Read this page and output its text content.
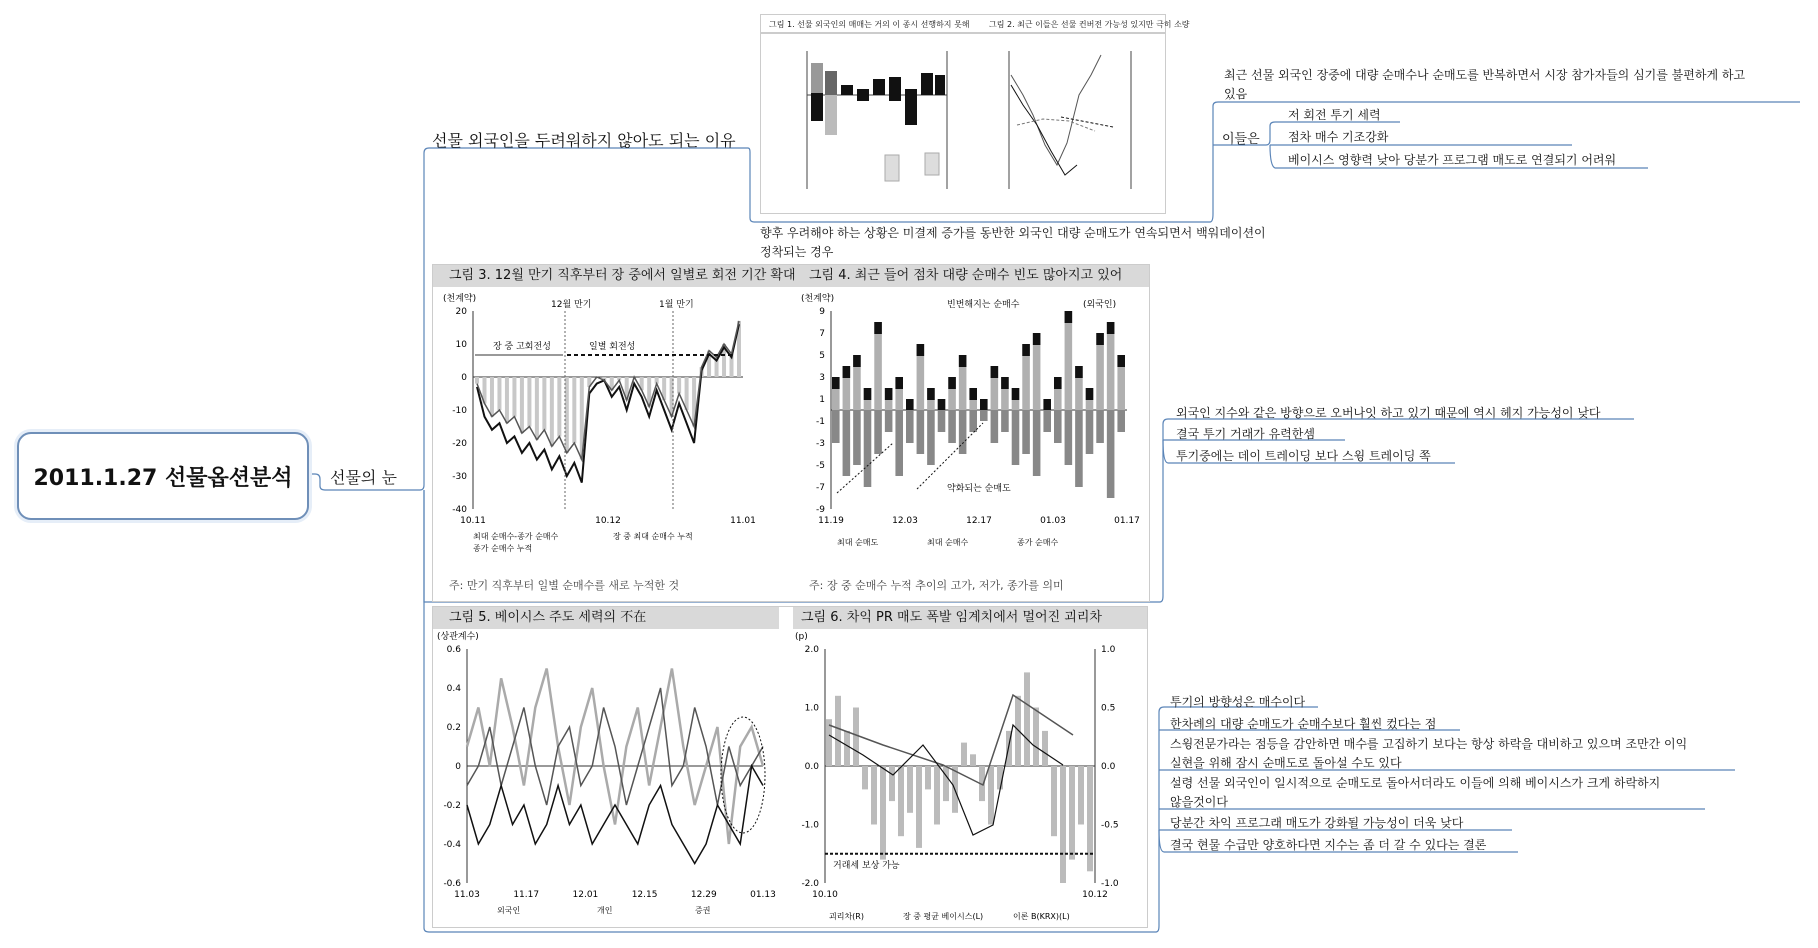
2011.1.27 선물옵션분석 선물의 눈
선물 외국인을 두려워하지 않아도 되는 이유
그림 1. 선물 외국인의 매매는 거의 이 종시 선행하지 못해 그림 2. 최근 이들은 선물 컨버전 가능성 있지만 극히 소량
최근 선물 외국인 장중에 대량 순매수나 순매도를 반복하면서 시장 참가자들의 심기를 불편하게 하고
있음
이들은
저 회전 투기 세력
점차 매수 기조강화
베이시스 영향력 낮아 당분가 프로그램 매도로 연결되기 어려워
향후 우려해야 하는 상황은 미결제 증가를 동반한 외국인 대량 순매도가 연속되면서 백워데이션이
정착되는 경우
그림 3. 12월 만기 직후부터 장 중에서 일별로 회전 기간 확대	그림 4. 최근 들어 점차 대량 순매수 빈도 많아지고 있어
(천계약)
20
10
0
-10
-20
-30
-40
10.11	10.12	11.01
12월 만기	1월 만기
장 중 고회전성	일별 회전성
최대 순매수-종가 순매수	장 중 최대 순매수 누적
종가 순매수 누적
(천계약)
9
7
5
3
1
-1
-3
-5
-7
-9
11.19	12.03	12.17	01.03	01.17
빈번해지는 순매수
약화되는 순매도
(외국인)
최대 순매도	최대 순매수	종가 순매수
주: 만기 직후부터 일별 순매수를 새로 누적한 것	주: 장 중 순매수 누적 추이의 고가, 저가, 종가를 의미
외국인 지수와 같은 방향으로 오버나잇 하고 있기 때문에 역시 헤지 가능성이 낮다
결국 투기 거래가 유력한셈
투기중에는 데이 트레이딩 보다 스윙 트레이딩 쪽
그림 5. 베이시스 주도 세력의 不在	그림 6. 차익 PR 매도 폭발 임계치에서 멀어진 괴리차
(상관계수)
0.6
0.4
0.2
0
-0.2
-0.4
-0.6
11.03	11.17	12.01	12.15	12.29	01.13
외국인	개인	증권
(p)
2.0
1.0
0.0
-1.0
-2.0
10.10	10.12
1.0
0.5
0.0
-0.5
-1.0
거래세 보상 가능
괴리차(R)	장 중 평균 베이시스(L)	이론 B(KRX)(L)
투기의 방향성은 매수이다
한차례의 대량 순매도가 순매수보다 훨씬 컸다는 점
스윙전문가라는 점등을 감안하면 매수를 고집하기 보다는 항상 하락을 대비하고 있으며 조만간 이익
실현을 위해 잠시 순매도로 돌아설 수도 있다
설령 선물 외국인이 일시적으로 순매도로 돌아서더라도 이들에 의해 베이시스가 크게 하락하지
않을것이다
당분간 차익 프로그래 매도가 강화될 가능성이 더욱 낮다
결국 현물 수급만 양호하다면 지수는 좀 더 갈 수 있다는 결론
